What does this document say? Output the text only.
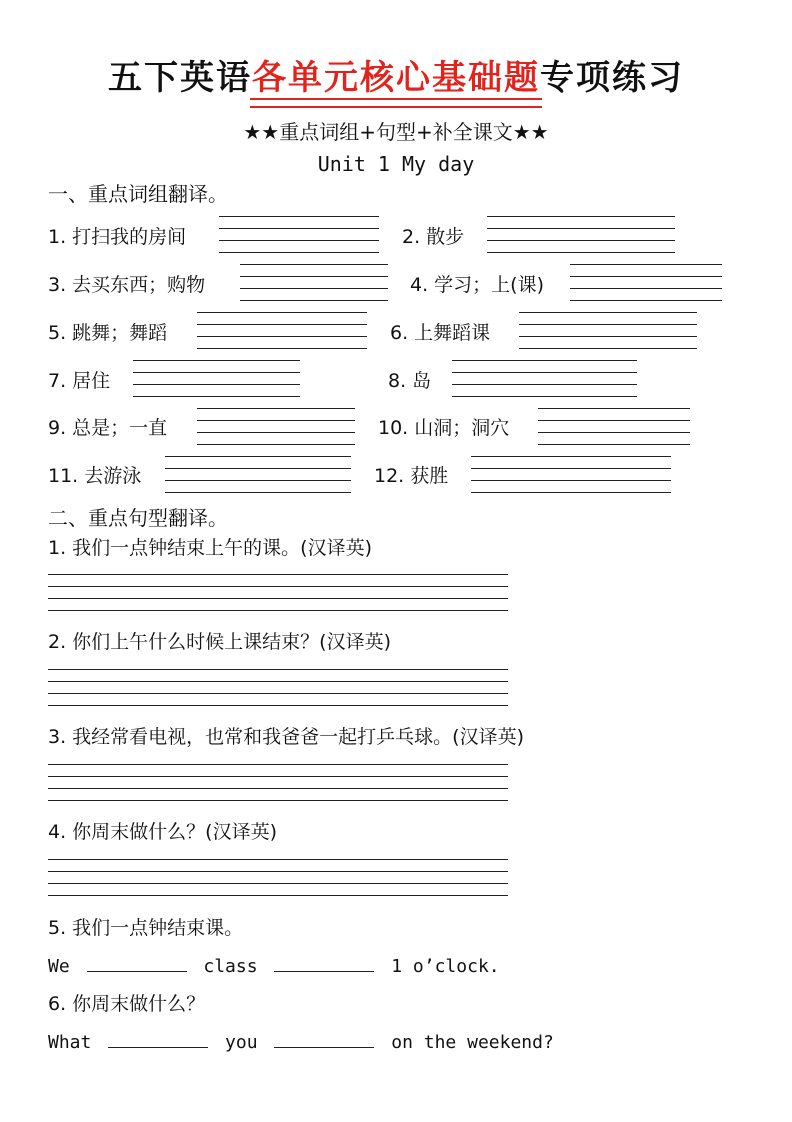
五下英语各单元核心基础题专项练习
★★重点词组+句型+补全课文★★
Unit 1 My day
一、重点词组翻译。
1. 打扫我的房间	2. 散步
3. 去买东西；购物	4. 学习；上(课)
5. 跳舞；舞蹈	6. 上舞蹈课
7. 居住	8. 岛
9. 总是；一直	10. 山洞；洞穴
11. 去游泳	12. 获胜
二、重点句型翻译。
1. 我们一点钟结束上午的课。(汉译英)
2. 你们上午什么时候上课结束？(汉译英)
3. 我经常看电视，也常和我爸爸一起打乒乓球。(汉译英)
4. 你周末做什么？(汉译英)
5. 我们一点钟结束课。
We	class	1 o’clock.
6. 你周末做什么？
What	you	on the weekend?
